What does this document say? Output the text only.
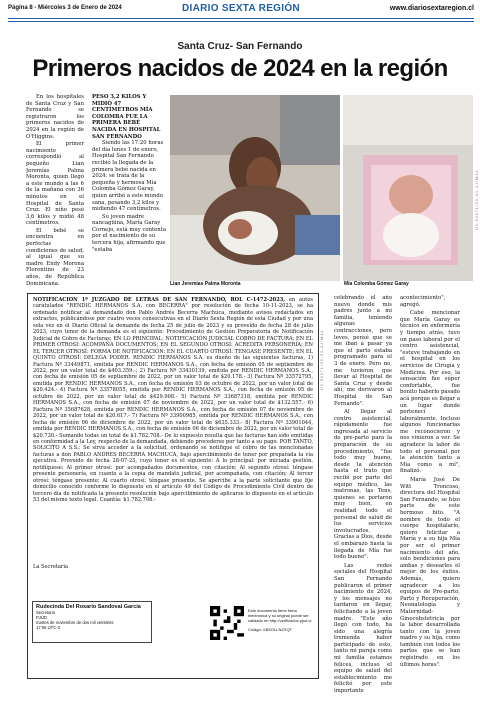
Página 8 - Miércoles 3 de Enero de 2024	DIARIO SEXTA REGIÓN	www.diariosextaregion.cl
Santa Cruz- San Fernando
Primeros nacidos de 2024 en la región

En los hospitales de Santa Cruz y San Fernando se registraron los primeros nacidos de 2024 en la región de O'Higgins.

El primer nacimiento correspondió al pequeño Lian Jeremías Palma Moronta, quien llegó a este mundo a las 6 de la mañana con 36 minutos en el Hospital de Santa Cruz. El niño pesó 3,6 kilos y midió 48 centímetros.

El bebé se encuentra en perfectas condiciones de salud, al igual que su madre Endy Morona Florentino de 23 años, de República Dominicana.

PESÓ 3,2 KILOS Y MIDIÓ 47 CENTÍMETROS MÍA COLOMBA FUE LA PRIMERA BEBÉ NACIDA EN HOSPITAL SAN FERNANDO

Siendo las 17:20 horas del día lunes 1 de enero, Hospital San Fernando recibió la llegada de la primera bebé nacida en 2024: se trata de la pequeña y hermosa Mía Colomba Gómez Garay, quien arribó a este mundo sana, pesando 3,2 kilos y midiendo 47 centímetros.

Su joven madre nancagüina, María Garay Cornejo, está muy contenta por el nacimiento de su tercera hija, afirmando que "estaba

Lian Jeremías Palma Moronta	Mía Colomba Gómez Garay
U 3 - 9 3 0 7 1 / 0 3 - 0 1 - 2 4 / M-4-1
NOTIFICACIÓN 1º JUZGADO DE LETRAS DE SAN FERNANDO, ROL C-1472-2023, en autos caratulados "RENDIC HERMANOS S.A. con BECERRA" por resolución de fecha 10-11-2023, se ha ordenado notificar al demandado don Pablo Andrés Becerra Machuca, mediante avisos redactados en extractos, publicándose por cuatro veces consecutivas en el Diario Sexta Región de esta Ciudad y por una sola vez en el Diario Oficial la demanda de fecha 25 de julio de 2023 y su proveído de fecha 28 de julio 2023, cuyo tenor de la demanda es el siguiente: Procedimiento de Gestión Preparatoria de Notificación Judicial de Cobro de Facturas; EN LO PRINCIPAL: NOTIFICACIÓN JUDICIAL COBRO DE FACTURA; EN EL PRIMER OTROSÍ: ACOMPAÑA DOCUMENTOS; EN EL SEGUNDO OTROSÍ: ACREDITA PERSONERÍA; EN EL TERCER OTROSÍ: FORMA DE NOTIFICACIÓN; EN EL CUARTO OTROSÍ: TENGASE PRESENTE; EN EL QUINTO OTROSÍ: DELEGA PODER. RENDIC HERMANOS S.A. es dueño de las siguientes facturas, 1) Factura Nº 33449871, emitida por RENDIC HERMANOS S.A., con fecha de emisión 05 de septiembre de 2022, por un valor total de $403.359.-; 2) Factura Nº 33430139, emitida por RENDIC HERMANOS S.A., con fecha de emisión 05 de septiembre de 2022, por un valor total de $20.178.- 3) Factura Nº 33572795, emitida por RENDIC HERMANOS S.A., con fecha de emisión 03 de octubre de 2022, por un valor total de $20.424.- 4) Factura Nº 33578055, emitida por RENDIC HERMANOS S.A., con fecha de emisión 05 de octubre de 2022, por un valor total de $429.908.- 5) Factura Nº 33687318, emitida por RENDIC HERMANOS S.A., con fecha de emisión 07 de noviembre de 2022, por un valor total de $132.557.- 6) Factura Nº 35687628, emitida por RENDIC HERMANOS S.A., con fecha de emisión 07 de noviembre de 2022, por un valor total de $20.617.- 7) Factura Nº 33900985, emitida por RENDIC HERMANOS S.A., con fecha de emisión 06 de diciembre de 2022, por un valor total de $635.333.- 8) Factura Nº 33901044, emitida por RENDIC HERMANOS S.A., con fecha de emisión 06 de diciembre de 2022, por un valor total de $20.730.- Sumando todas un total de $1.782.708.- De lo expuesto resulta que las facturas han sido emitidas en conformidad a la Ley, respecto de la demandada, debiendo procederse por tanto a su pago. POR TANTO, SOLICITO A S.S.: Se sirva acceder a la solicitud, ordenando se notifique el cobro de las mencionadas facturas a don PABLO ANDRES BECERRA MACHUCA, bajo apercibimiento de tener por preparada la vía ejecutiva. Proveído de fecha 28-07-23, cuyo tenor es el siguiente: A lo principal: por iniciada gestión, notifíquese; Al primer otrosí: por acompañados documentos, con citación; Al segundo otrosí: téngase presente personería, en cuanto a la copia de mandato judicial, por acompañada, con citación; Al tercer otrosí: téngase presente; Al cuarto otrosí: téngase presente. Se apercibe a la parte solicitante que fije domicilio conocido conforme lo dispuesto en el artículo 49 del Código de Procedimiento Civil dentro de tercero día de notificada la presente resolución bajo apercibimiento de aplicarse lo dispuesto en el artículo 53 del mismo texto legal. Cuantía: $1.782.708.-
La Secretaria
Rudecinda Del Rosario Sandoval García
Secretario
PJUD
martes de noviembre de dos mil veintitrés
17:06 UTC-3
Este documento tiene firma electrónica y su original puede ser validado en http://verificadoc.pjud.cl
Código: XBSOLLNZXQT
U 3 - 9 3 0 7 1 / 0 3 - 0 1 - 2 4 / M-4-1

celebrando el año nuevo donde mis padres junto a mi familia, teniendo algunas contracciones, pero leves, pensé que se me iban a pasar ya que el parto estaba programado para el 3 de enero. Pero no, me tuvieron que llevar al Hospital de Santa Cruz y desde ahí, me derivaron al Hospital de San Fernando".

Al llegar al centro asistencial, rápidamente fue ingresada al servicio de pre-parto para la preparación de su procedimiento, "fue todo muy bueno, desde la atención hasta el trato que recibí por parte del equipo médico, las matronas, las Tens, quienes se portaron muy bien, en realidad todo el personal de salud de los servicios involucrados. Gracias a Dios, desde el embarazo hasta la llegada de Mía fue todo bueno".

Las redes sociales del Hospital San Fernando publicaron el primer nacimiento de 2024, y los mensajes no tardaron en llegar, felicitando a la joven madre. "Este año llegó con todo, ha sido una alegría tremenda haber participado de esto, tanto mi pareja como mi familia estamos felices, incluso el equipo de salud del establecimiento me felicitó por este importante

acontecimiento", agregó.

Cabe mencionar que María Garay es técnico en enfermería y tiempo atrás, tuvo un paso laboral por el centro asistencial, "estuve trabajando en el hospital en los servicios de Cirugía y Medicina. Por eso, la sensación fue súper confortable, fue bonito haberlo pasado acá porque es llegar a un lugar donde pertenecí laboralmente. Incluso algunos funcionarias me reconocieron y nos vinieron a ver. Se agradece la labor de todo el personal por la atención tanto a Mía como a mí", finalizó.

María José De Witt Troncoso, directora del Hospital San Fernando, se hizo parte de este hermoso hito. "A nombre de todo el cuerpo hospitalario, quiero felicitar a María y a su hija Mía por ser el primer nacimiento del año, solo bendiciones para ambas y desearles el mejor de los éxitos. Además, quiero agradecer a los equipos de Pre-parto, Parto y Recuperación, Neonatología y Maternidad-Ginecobstetricia por la labor desarrollada tanto con la joven madre y su hija, como también con todos los partos que se han registrado en los últimos horas".
